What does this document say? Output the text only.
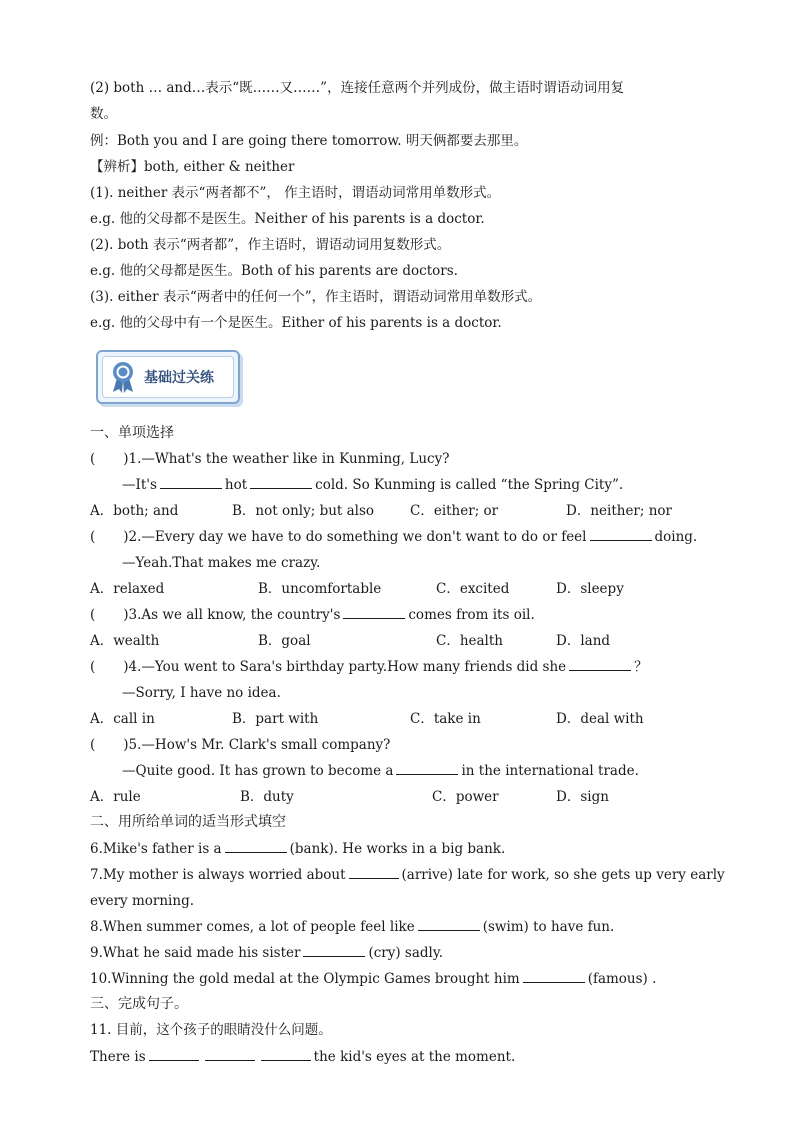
(2) both … and…表示“既……又……”，连接任意两个并列成份，做主语时谓语动词用复
数。
例：Both you and I are going there tomorrow. 明天俩都要去那里。
【辨析】both, either & neither
(1). neither 表示“两者都不”， 作主语时，谓语动词常用单数形式。
e.g. 他的父母都不是医生。Neither of his parents is a doctor.
(2). both 表示“两者都”，作主语时，谓语动词用复数形式。
e.g. 他的父母都是医生。Both of his parents are doctors.
(3). either 表示“两者中的任何一个”，作主语时，谓语动词常用单数形式。
e.g. 他的父母中有一个是医生。Either of his parents is a doctor.
基础过关练
一、单项选择
( )1.—What's the weather like in Kunming, Lucy?
—It's	hot	cold. So Kunming is called “the Spring City”.
A．both; and	B．not only; but also	C．either; or	D．neither; nor
( )2.—Every day we have to do something we don't want to do or feel	doing.
—Yeah.That makes me crazy.
A．relaxed	B．uncomfortable	C．excited	D．sleepy
( )3.As we all know, the country's	comes from its oil.
A．wealth	B．goal	C．health	D．land
( )4.—You went to Sara's birthday party.How many friends did she	？
—Sorry, I have no idea.
A．call in	B．part with	C．take in	D．deal with
( )5.—How's Mr. Clark's small company?
—Quite good. It has grown to become a	in the international trade.
A．rule	B．duty	C．power	D．sign
二、用所给单词的适当形式填空
6.Mike's father is a	(bank). He works in a big bank.
7.My mother is always worried about	(arrive) late for work, so she gets up very early
every morning.
8.When summer comes, a lot of people feel like	(swim) to have fun.
9.What he said made his sister	(cry) sadly.
10.Winning the gold medal at the Olympic Games brought him	(famous) .
三、完成句子。
11. 目前，这个孩子的眼睛没什么问题。
There is	the kid's eyes at the moment.
